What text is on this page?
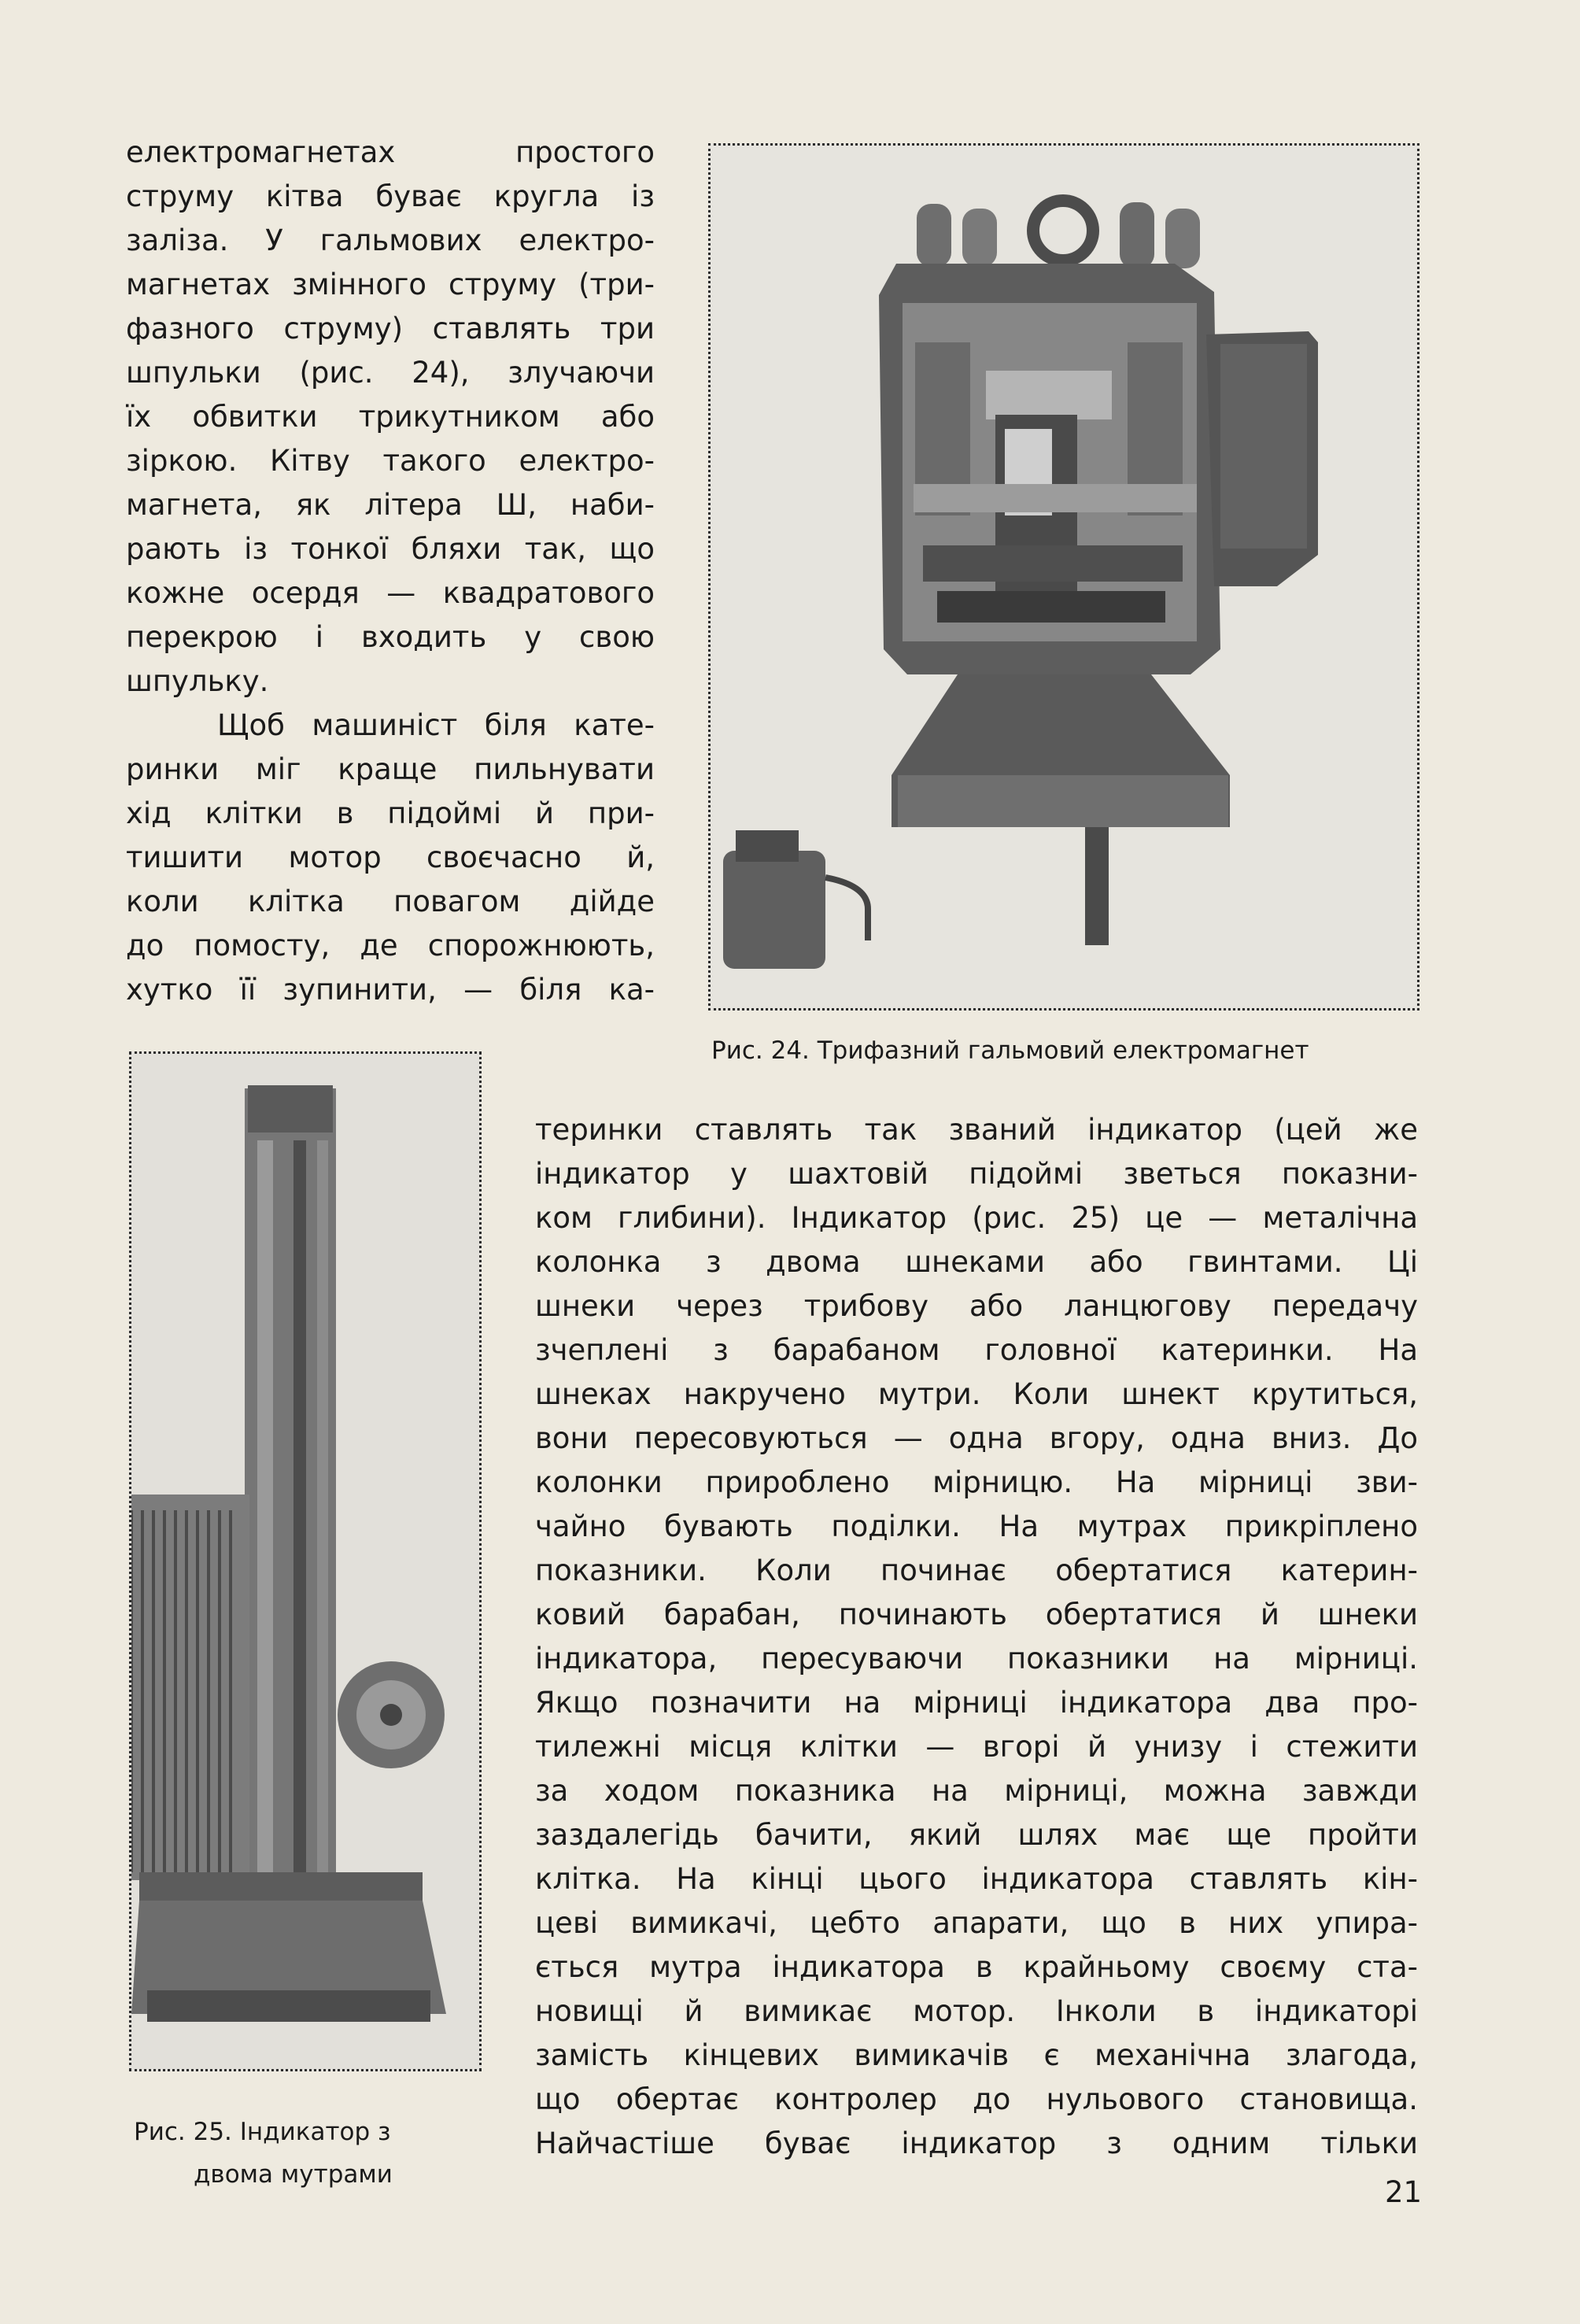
електромагнетах простого
струму кітва буває кругла із
заліза. У гальмових електро-
магнетах змінного струму (три-
фазного струму) ставлять три
шпульки (рис. 24), злучаючи
їх обвитки трикутником або
зіркою. Кітву такого електро-
магнета, як літера Ш, наби-
рають із тонкої бляхи так, що
кожне осердя — квадратового
перекрою і входить у свою
шпульку.
Щоб машиніст біля кате-
ринки міг краще пильнувати
хід клітки в підоймі й при-
тишити мотор своєчасно й,
коли клітка повагом дійде
до помосту, де спорожнюють,
хутко її зупинити, — біля ка-
Рис. 24. Трифазний гальмовий електромагнет
Рис. 25. Індикатор з
двома мутрами
теринки ставлять так званий індикатор (цей же
індикатор у шахтовій підоймі зветься показни-
ком глибини). Індикатор (рис. 25) це — металічна
колонка з двома шнеками або гвинтами. Ці
шнеки через трибову або ланцюгову передачу
зчеплені з барабаном головної катеринки. На
шнеках накручено мутри. Коли шнект крутиться,
вони пересовуються — одна вгору, одна вниз. До
колонки приробленo мірницю. На мірниці зви-
чайно бувають поділки. На мутрах прикріплено
показники. Коли починає обертатися катерин-
ковий барабан, починають обертатися й шнеки
індикатора, пересуваючи показники на мірниці.
Якщо позначити на мірниці індикатора два про-
тилежні місця клітки — вгорі й унизу і стежити
за ходом показника на мірниці, можна завжди
заздалегідь бачити, який шлях має ще пройти
клітка. На кінці цього індикатора ставлять кін-
цеві вимикачі, цебто апарати, що в них упира-
ється мутра індикатора в крайньому своєму ста-
новищі й вимикає мотор. Інколи в індикаторі
замість кінцевих вимикачів є механічна злагода,
що обертає контролер до нульового становища.
Найчастіше буває індикатор з одним тільки
21
